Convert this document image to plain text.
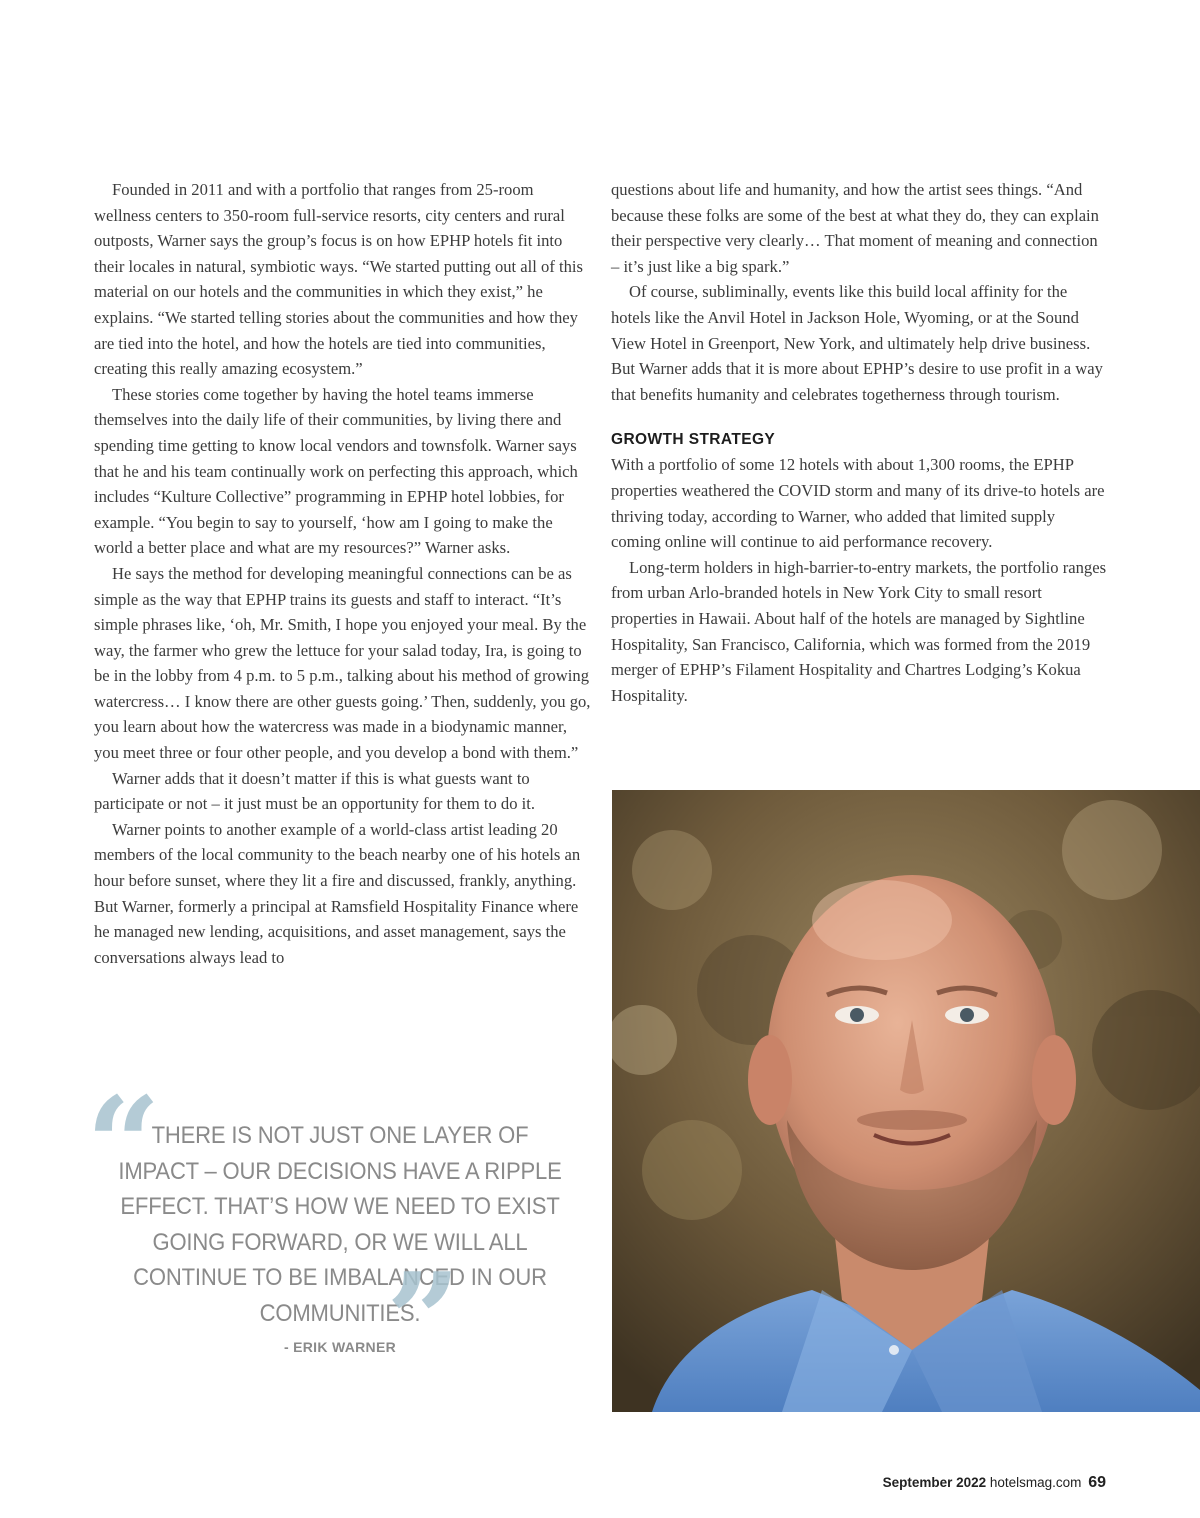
Founded in 2011 and with a portfolio that ranges from 25-room wellness centers to 350-room full-service resorts, city centers and rural outposts, Warner says the group’s focus is on how EPHP hotels fit into their locales in natural, symbiotic ways. “We started putting out all of this material on our hotels and the communities in which they exist,” he explains. “We started telling stories about the communities and how they are tied into the hotel, and how the hotels are tied into communities, creating this really amazing ecosystem.”

These stories come together by having the hotel teams immerse themselves into the daily life of their communities, by living there and spending time getting to know local vendors and townsfolk. Warner says that he and his team continually work on perfecting this approach, which includes “Kulture Collective” programming in EPHP hotel lobbies, for example. “You begin to say to yourself, ‘how am I going to make the world a better place and what are my resources?” Warner asks.

He says the method for developing meaningful connections can be as simple as the way that EPHP trains its guests and staff to interact. “It’s simple phrases like, ‘oh, Mr. Smith, I hope you enjoyed your meal. By the way, the farmer who grew the lettuce for your salad today, Ira, is going to be in the lobby from 4 p.m. to 5 p.m., talking about his method of growing watercress… I know there are other guests going.’ Then, suddenly, you go, you learn about how the watercress was made in a biodynamic manner, you meet three or four other people, and you develop a bond with them.”

Warner adds that it doesn’t matter if this is what guests want to participate or not – it just must be an opportunity for them to do it.

Warner points to another example of a world-class artist leading 20 members of the local community to the beach nearby one of his hotels an hour before sunset, where they lit a fire and discussed, frankly, anything. But Warner, formerly a principal at Ramsfield Hospitality Finance where he managed new lending, acquisitions, and asset management, says the conversations always lead to

questions about life and humanity, and how the artist sees things. “And because these folks are some of the best at what they do, they can explain their perspective very clearly… That moment of meaning and connection – it’s just like a big spark.”

Of course, subliminally, events like this build local affinity for the hotels like the Anvil Hotel in Jackson Hole, Wyoming, or at the Sound View Hotel in Greenport, New York, and ultimately help drive business. But Warner adds that it is more about EPHP’s desire to use profit in a way that benefits humanity and celebrates togetherness through tourism.

GROWTH STRATEGY

With a portfolio of some 12 hotels with about 1,300 rooms, the EPHP properties weathered the COVID storm and many of its drive-to hotels are thriving today, according to Warner, who added that limited supply coming online will continue to aid performance recovery.

Long-term holders in high-barrier-to-entry markets, the portfolio ranges from urban Arlo-branded hotels in New York City to small resort properties in Hawaii. About half of the hotels are managed by Sightline Hospitality, San Francisco, California, which was formed from the 2019 merger of EPHP’s Filament Hospitality and Chartres Lodging’s Kokua Hospitality.

“
THERE IS NOT JUST ONE LAYER OF IMPACT – OUR DECISIONS HAVE A RIPPLE EFFECT. THAT’S HOW WE NEED TO EXIST GOING FORWARD, OR WE WILL ALL CONTINUE TO BE IMBALANCED IN OUR COMMUNITIES.
”
- ERIK WARNER
September 2022 hotelsmag.com 69
